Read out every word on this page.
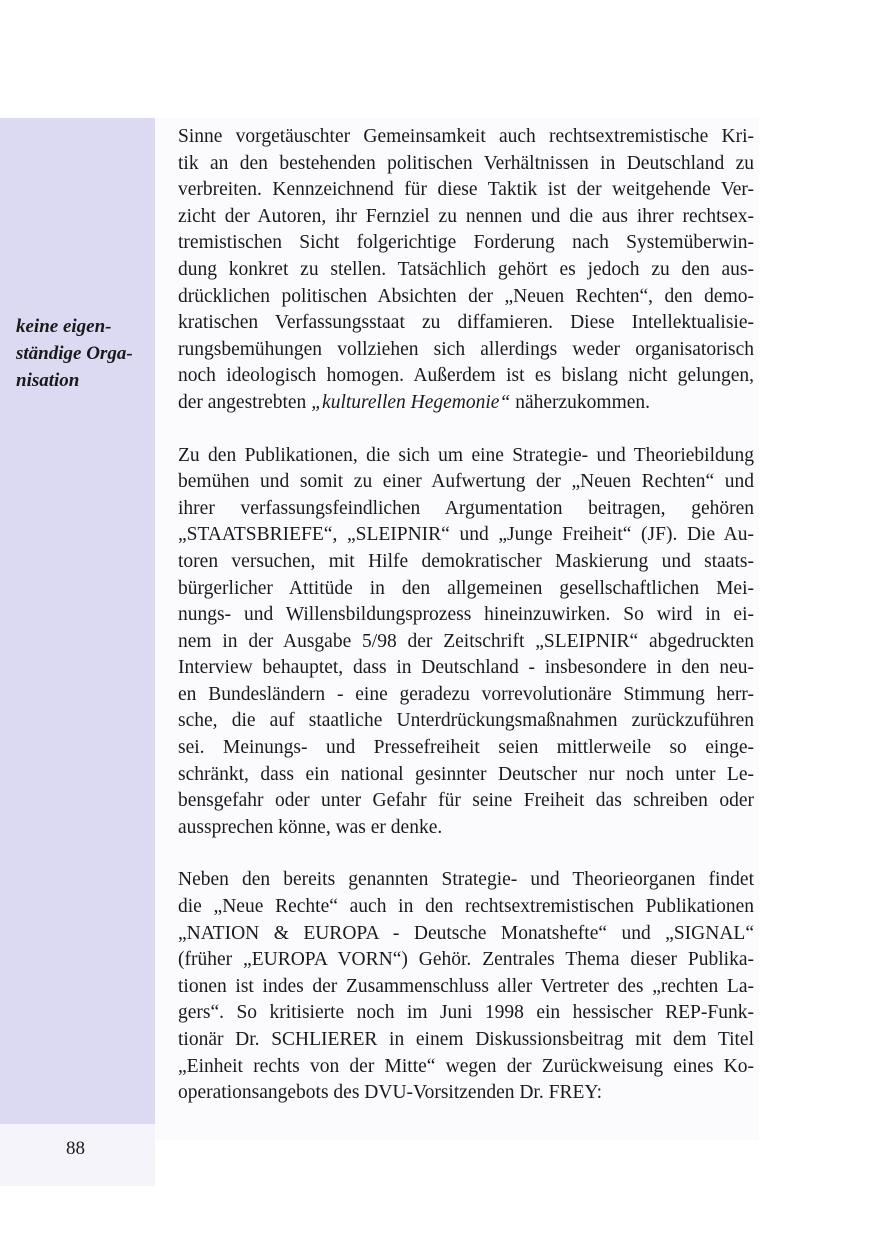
keine eigen-
ständige Orga-
nisation

Sinne vorgetäuschter Gemeinsamkeit auch rechtsextremistische Kri-
tik an den bestehenden politischen Verhältnissen in Deutschland zu
verbreiten. Kennzeichnend für diese Taktik ist der weitgehende Ver-
zicht der Autoren, ihr Fernziel zu nennen und die aus ihrer rechtsex-
tremistischen Sicht folgerichtige Forderung nach Systemüberwin-
dung konkret zu stellen. Tatsächlich gehört es jedoch zu den aus-
drücklichen politischen Absichten der „Neuen Rechten“, den demo-
kratischen Verfassungsstaat zu diffamieren. Diese Intellektualisie-
rungsbemühungen vollziehen sich allerdings weder organisatorisch
noch ideologisch homogen. Außerdem ist es bislang nicht gelungen,
der angestrebten „kulturellen Hegemonie“ näherzukommen.

Zu den Publikationen, die sich um eine Strategie- und Theoriebildung
bemühen und somit zu einer Aufwertung der „Neuen Rechten“ und
ihrer verfassungsfeindlichen Argumentation beitragen, gehören
„STAATSBRIEFE“, „SLEIPNIR“ und „Junge Freiheit“ (JF). Die Au-
toren versuchen, mit Hilfe demokratischer Maskierung und staats-
bürgerlicher Attitüde in den allgemeinen gesellschaftlichen Mei-
nungs- und Willensbildungsprozess hineinzuwirken. So wird in ei-
nem in der Ausgabe 5/98 der Zeitschrift „SLEIPNIR“ abgedruckten
Interview behauptet, dass in Deutschland - insbesondere in den neu-
en Bundesländern - eine geradezu vorrevolutionäre Stimmung herr-
sche, die auf staatliche Unterdrückungsmaßnahmen zurückzuführen
sei. Meinungs- und Pressefreiheit seien mittlerweile so einge-
schränkt, dass ein national gesinnter Deutscher nur noch unter Le-
bensgefahr oder unter Gefahr für seine Freiheit das schreiben oder
aussprechen könne, was er denke.

Neben den bereits genannten Strategie- und Theorieorganen findet
die „Neue Rechte“ auch in den rechtsextremistischen Publikationen
„NATION & EUROPA - Deutsche Monatshefte“ und „SIGNAL“
(früher „EUROPA VORN“) Gehör. Zentrales Thema dieser Publika-
tionen ist indes der Zusammenschluss aller Vertreter des „rechten La-
gers“. So kritisierte noch im Juni 1998 ein hessischer REP-Funk-
tionär Dr. SCHLIERER in einem Diskussionsbeitrag mit dem Titel
„Einheit rechts von der Mitte“ wegen der Zurückweisung eines Ko-
operationsangebots des DVU-Vorsitzenden Dr. FREY:

88
